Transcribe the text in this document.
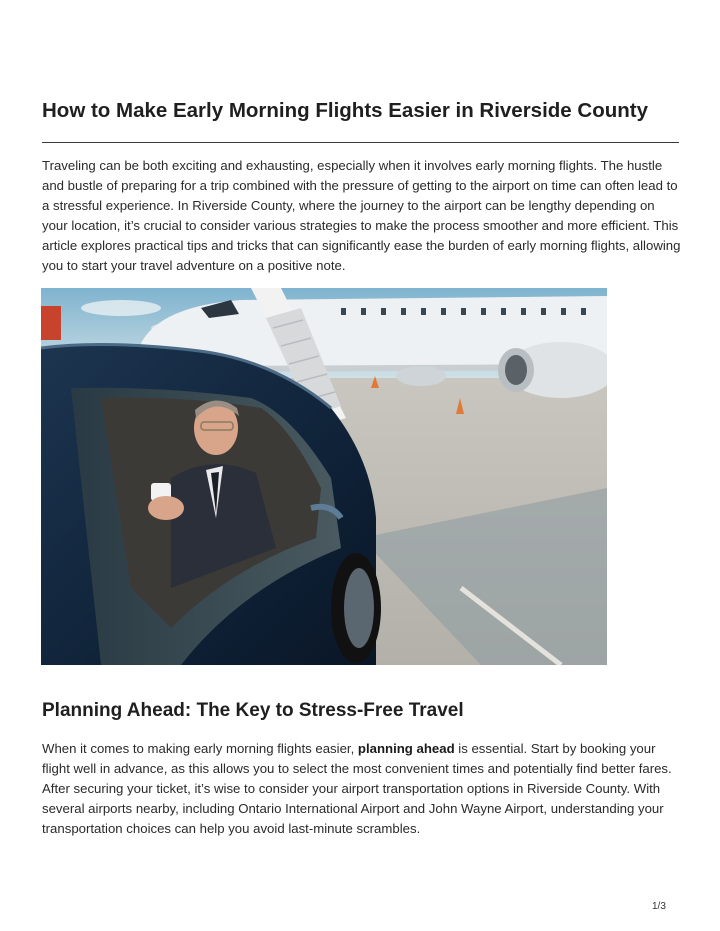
How to Make Early Morning Flights Easier in Riverside County

Traveling can be both exciting and exhausting, especially when it involves early morning flights. The hustle and bustle of preparing for a trip combined with the pressure of getting to the airport on time can often lead to a stressful experience. In Riverside County, where the journey to the airport can be lengthy depending on your location, it’s crucial to consider various strategies to make the process smoother and more efficient. This article explores practical tips and tricks that can significantly ease the burden of early morning flights, allowing you to start your travel adventure on a positive note.

Planning Ahead: The Key to Stress-Free Travel

When it comes to making early morning flights easier, planning ahead is essential. Start by booking your flight well in advance, as this allows you to select the most convenient times and potentially find better fares. After securing your ticket, it’s wise to consider your airport transportation options in Riverside County. With several airports nearby, including Ontario International Airport and John Wayne Airport, understanding your transportation choices can help you avoid last-minute scrambles.

1/3
